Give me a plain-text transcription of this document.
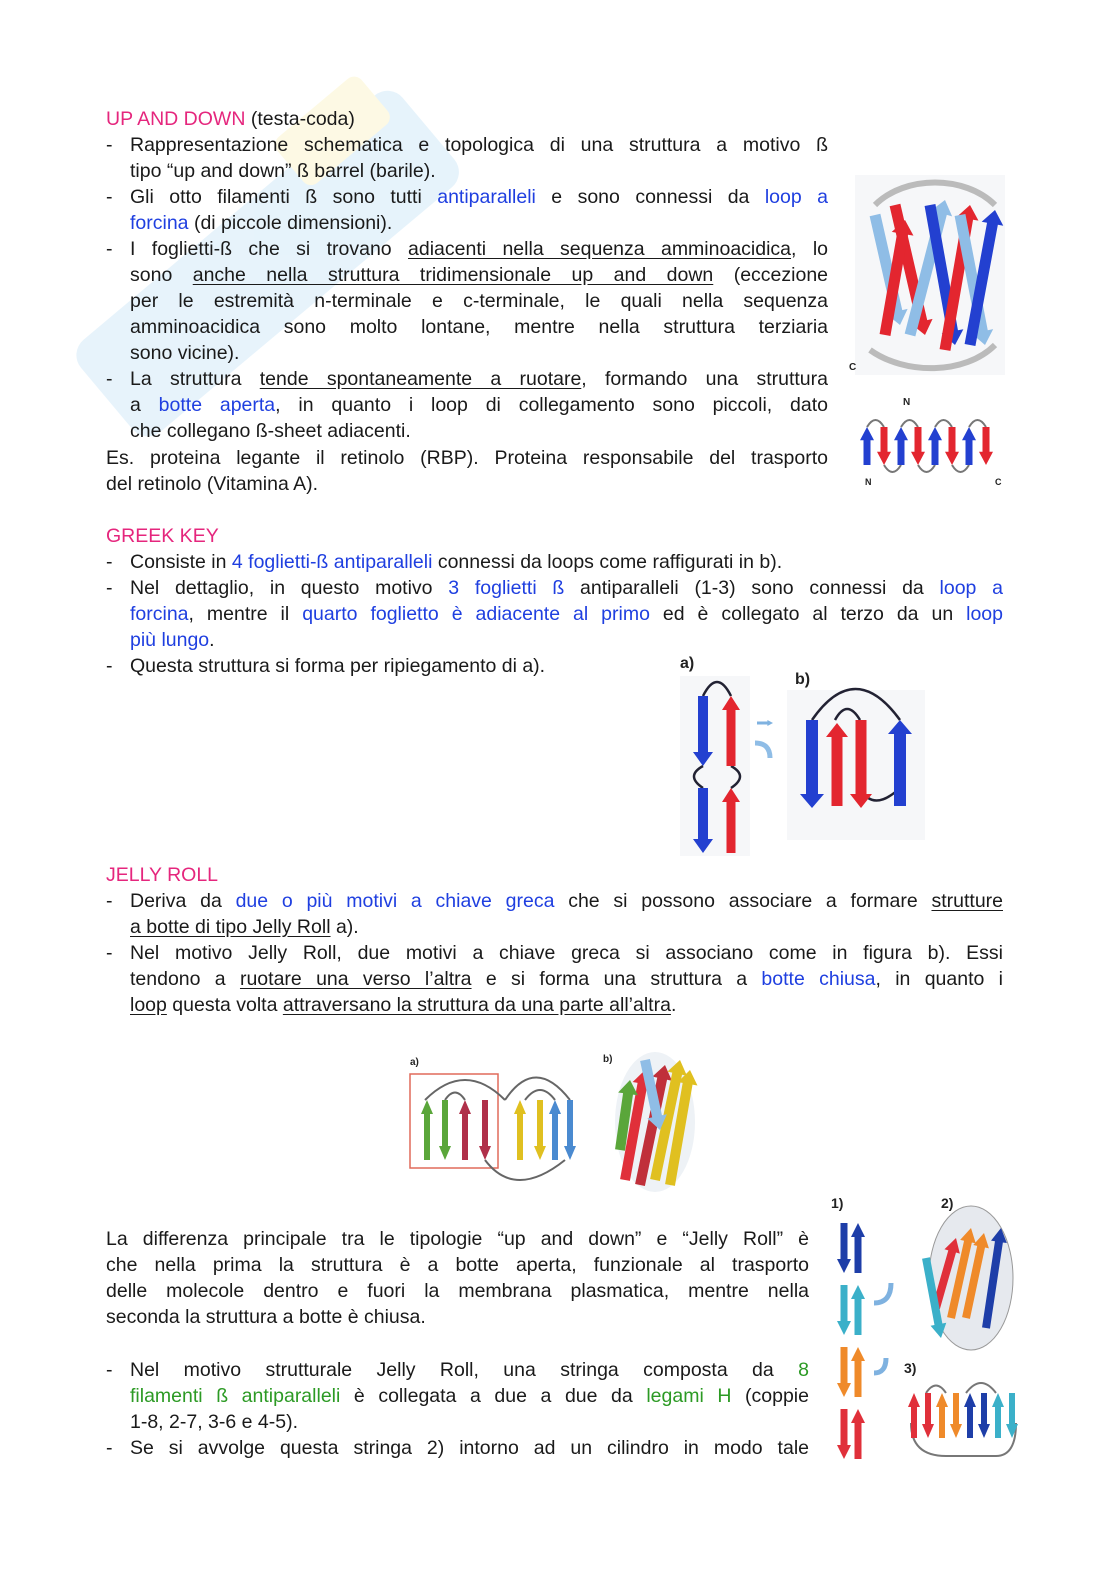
UP AND DOWN (testa-coda)
- Rappresentazione schematica e topologica di una struttura a motivo ß
tipo “up and down” ß barrel (barile).
- Gli otto filamenti ß sono tutti antiparalleli e sono connessi da loop a
forcina (di piccole dimensioni).
- I foglietti-ß che si trovano adiacenti nella sequenza amminoacidica, lo
sono anche nella struttura tridimensionale up and down (eccezione
per le estremità n-terminale e c-terminale, le quali nella sequenza
amminoacidica sono molto lontane, mentre nella struttura terziaria
sono vicine).
- La struttura tende spontaneamente a ruotare, formando una struttura
a botte aperta, in quanto i loop di collegamento sono piccoli, dato
che collegano ß-sheet adiacenti.
Es. proteina legante il retinolo (RBP). Proteina responsabile del trasporto
del retinolo (Vitamina A).
GREEK KEY
- Consiste in 4 foglietti-ß antiparalleli connessi da loops come raffigurati in b).
- Nel dettaglio, in questo motivo 3 foglietti ß antiparalleli (1-3) sono connessi da loop a
forcina, mentre il quarto foglietto è adiacente al primo ed è collegato al terzo da un loop
più lungo.
- Questa struttura si forma per ripiegamento di a).
JELLY ROLL
- Deriva da due o più motivi a chiave greca che si possono associare a formare strutture
a botte di tipo Jelly Roll a).
- Nel motivo Jelly Roll, due motivi a chiave greca si associano come in figura b). Essi
tendono a ruotare una verso l’altra e si forma una struttura a botte chiusa, in quanto i
loop questa volta attraversano la struttura da una parte all’altra.
La differenza principale tra le tipologie “up and down” e “Jelly Roll” è
che nella prima la struttura è a botte aperta, funzionale al trasporto
delle molecole dentro e fuori la membrana plasmatica, mentre nella
seconda la struttura a botte è chiusa.
- Nel motivo strutturale Jelly Roll, una stringa composta da 8
filamenti ß antiparalleli è collegata a due a due da legami H (coppie
1-8, 2-7, 3-6 e 4-5).
- Se si avvolge questa stringa 2) intorno ad un cilindro in modo tale
C
N
N	C
a)
b)
a)	b)
1)	2)
3)
